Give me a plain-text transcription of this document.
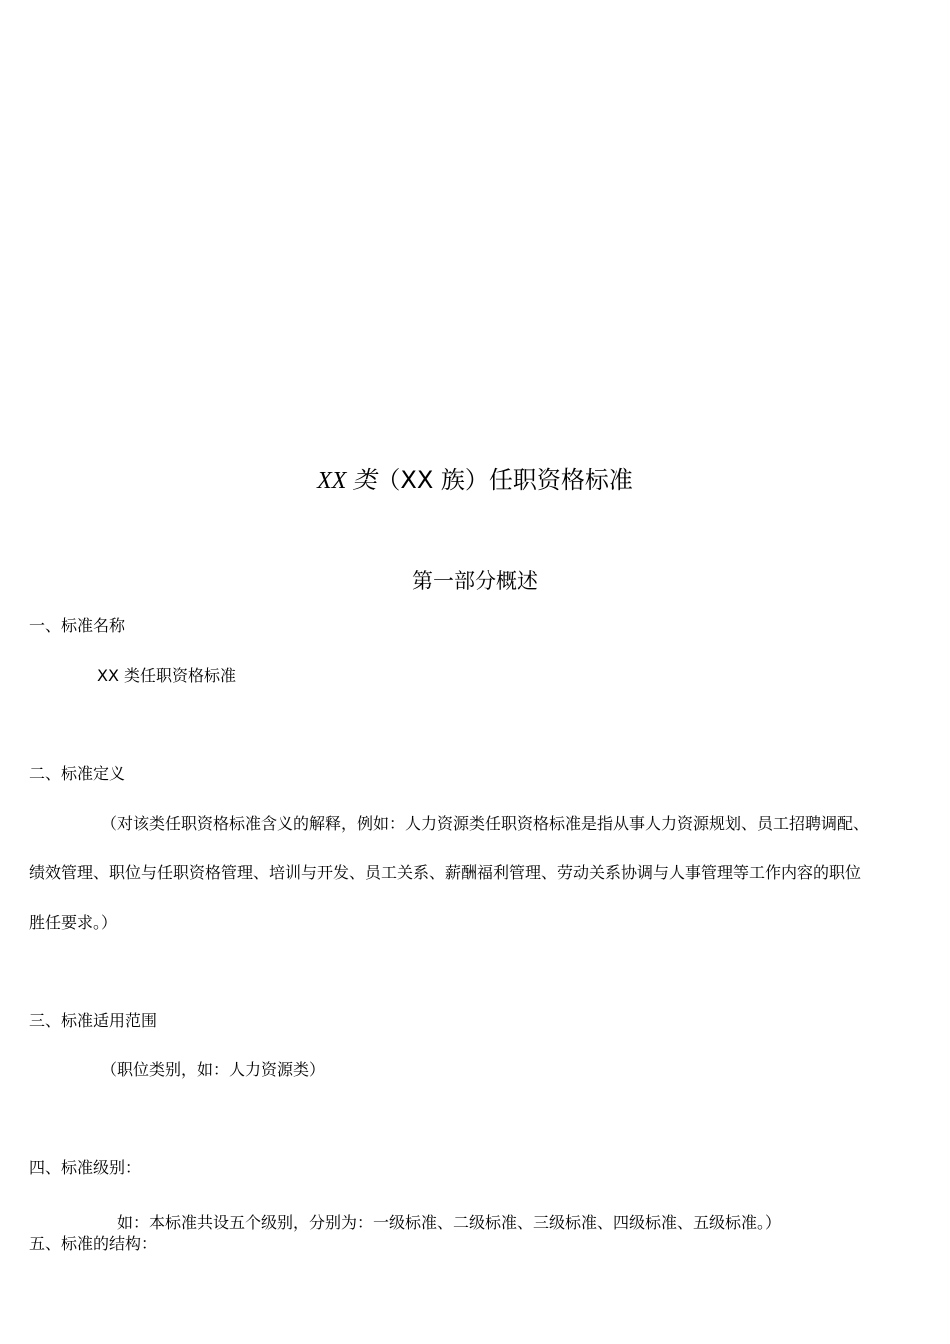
XX 类（XX 族）任职资格标准
第一部分概述
一、标准名称
XX 类任职资格标准
二、标准定义
（对该类任职资格标准含义的解释，例如：人力资源类任职资格标准是指从事人力资源规划、员工招聘调配、
绩效管理、职位与任职资格管理、培训与开发、员工关系、薪酬福利管理、劳动关系协调与人事管理等工作内容的职位
胜任要求。）
三、标准适用范围
（职位类别，如：人力资源类）
四、标准级别：
如：本标准共设五个级别，分别为：一级标准、二级标准、三级标准、四级标准、五级标准。）
五、标准的结构：
